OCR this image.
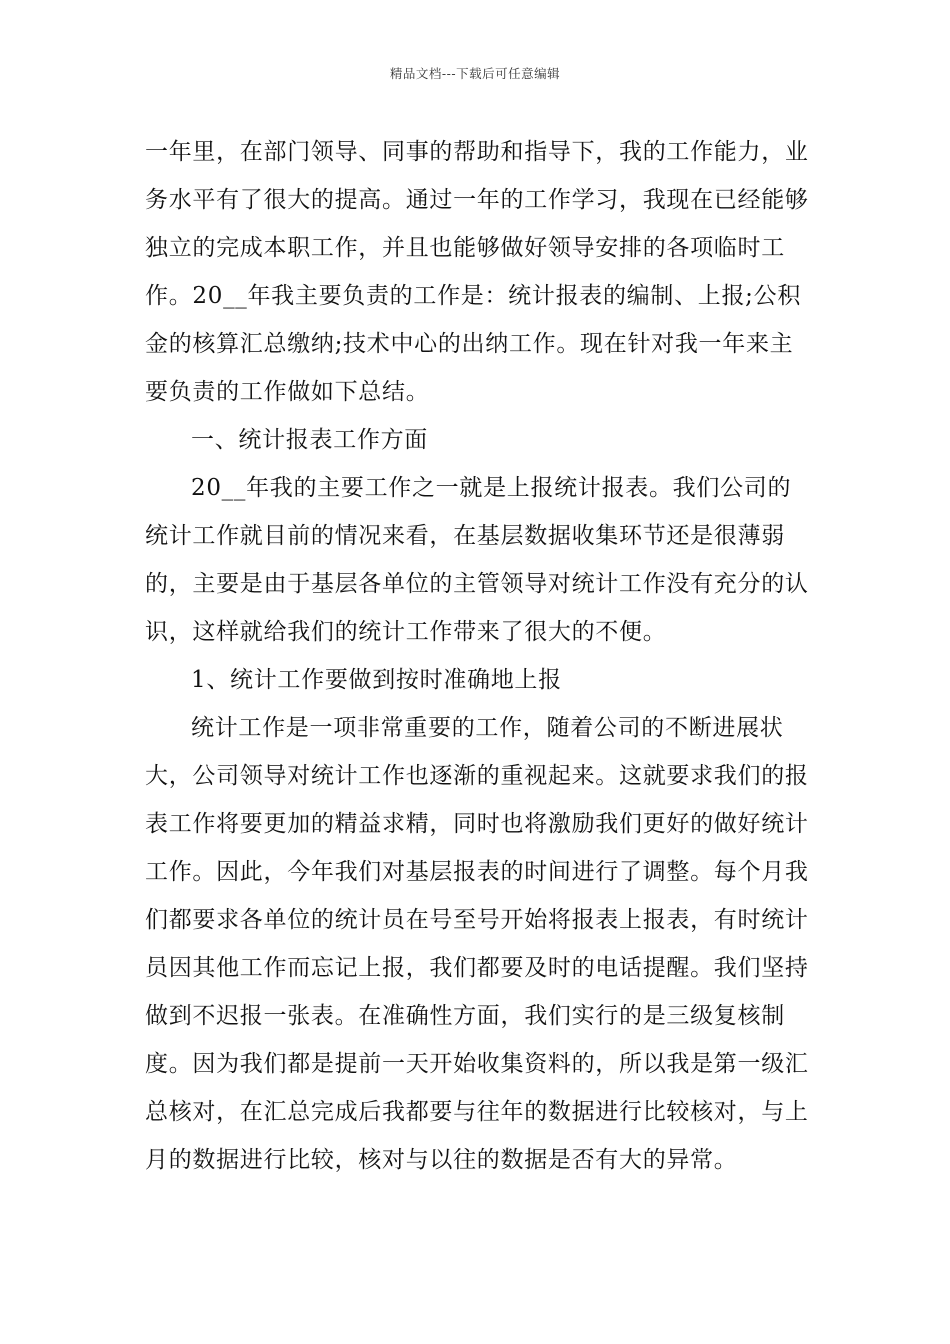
精品文档---下载后可任意编辑

一年里，在部门领导、同事的帮助和指导下，我的工作能力，业务水平有了很大的提高。通过一年的工作学习，我现在已经能够独立的完成本职工作，并且也能够做好领导安排的各项临时工作。20__年我主要负责的工作是：统计报表的编制、上报;公积金的核算汇总缴纳;技术中心的出纳工作。现在针对我一年来主要负责的工作做如下总结。

一、统计报表工作方面

20__年我的主要工作之一就是上报统计报表。我们公司的统计工作就目前的情况来看，在基层数据收集环节还是很薄弱的，主要是由于基层各单位的主管领导对统计工作没有充分的认识，这样就给我们的统计工作带来了很大的不便。

1、统计工作要做到按时准确地上报

统计工作是一项非常重要的工作，随着公司的不断进展状大，公司领导对统计工作也逐渐的重视起来。这就要求我们的报表工作将要更加的精益求精，同时也将激励我们更好的做好统计工作。因此，今年我们对基层报表的时间进行了调整。每个月我们都要求各单位的统计员在号至号开始将报表上报表，有时统计员因其他工作而忘记上报，我们都要及时的电话提醒。我们坚持做到不迟报一张表。在准确性方面，我们实行的是三级复核制度。因为我们都是提前一天开始收集资料的，所以我是第一级汇总核对，在汇总完成后我都要与往年的数据进行比较核对，与上月的数据进行比较，核对与以往的数据是否有大的异常。
